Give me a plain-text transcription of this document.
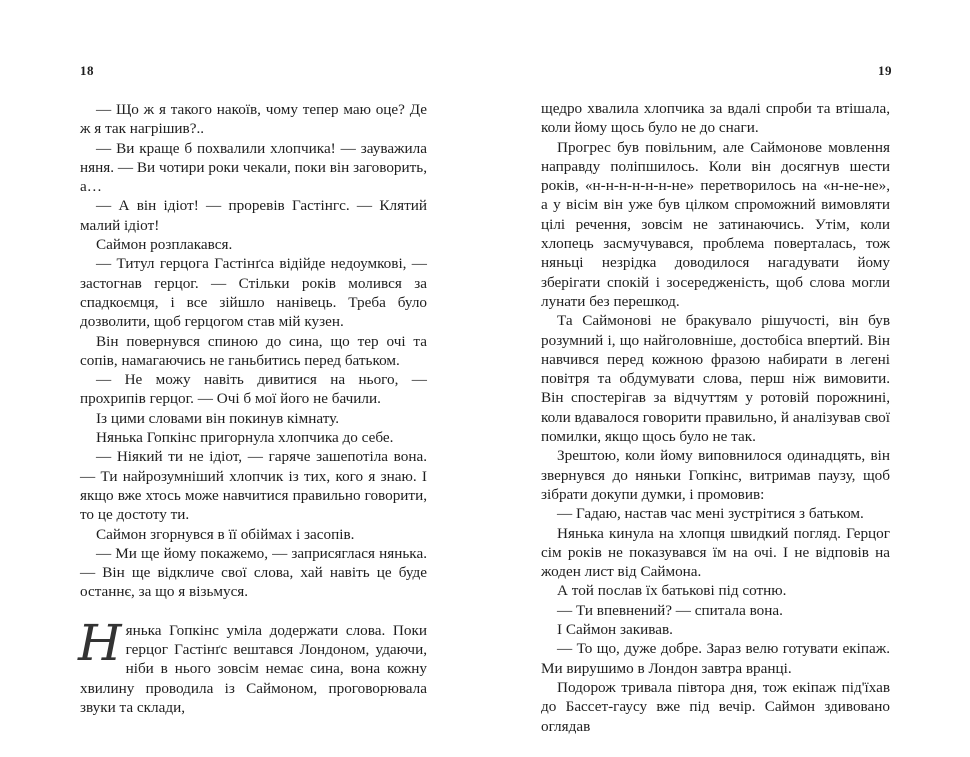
18	19

— Що ж я такого накоїв, чому тепер маю оце? Де ж я так нагрішив?..

— Ви краще б похвалили хлопчика! — зауважила няня. — Ви чотири роки чекали, поки він заговорить, а…

— А він ідіот! — проревів Гастінгс. — Клятий малий ідіот!

Саймон розплакався.

— Титул герцога Гастінґса відійде недоумкові, — застогнав герцог. — Стільки років молився за спадкоємця, і все зійшло нанівець. Треба було дозволити, щоб герцогом став мій кузен.

Він повернувся спиною до сина, що тер очі та сопів, намагаючись не ганьбитись перед батьком.

— Не можу навіть дивитися на нього, — прохрипів герцог. — Очі б мої його не бачили.

Із цими словами він покинув кімнату.

Нянька Гопкінс пригорнула хлопчика до себе.

— Ніякий ти не ідіот, — гаряче зашепотіла вона. — Ти найрозумніший хлопчик із тих, кого я знаю. І якщо вже хтось може навчитися правильно говорити, то це достоту ти.

Саймон згорнувся в її обіймах і засопів.

— Ми ще йому покажемо, — заприсяглася нянька. — Він ще відкличе свої слова, хай навіть це буде останнє, за що я візьмуся.

Нянька Гопкінс уміла додержати слова. Поки герцог Гастінґс вештався Лондоном, удаючи, ніби в нього зовсім немає сина, вона кожну хвилину проводила із Саймоном, проговорювала звуки та склади,

щедро хвалила хлопчика за вдалі спроби та втішала, коли йому щось було не до снаги.

Прогрес був повільним, але Саймонове мовлення направду поліпшилось. Коли він досягнув шести років, «н-н-н-н-н-н-не» перетворилось на «н-не-не», а у вісім він уже був цілком спроможний вимовляти цілі речення, зовсім не затинаючись. Утім, коли хлопець засмучувався, проблема поверталась, тож няньці незрідка доводилося нагадувати йому зберігати спокій і зосередженість, щоб слова могли лунати без перешкод.

Та Саймонові не бракувало рішучості, він був розумний і, що найголовніше, достобіса впертий. Він навчився перед кожною фразою набирати в легені повітря та обдумувати слова, перш ніж вимовити. Він спостерігав за відчуттям у ротовій порожнині, коли вдавалося говорити правильно, й аналізував свої помилки, якщо щось було не так.

Зрештою, коли йому виповнилося одинадцять, він звернувся до няньки Гопкінс, витримав паузу, щоб зібрати докупи думки, і промовив:

— Гадаю, настав час мені зустрітися з батьком.

Нянька кинула на хлопця швидкий погляд. Герцог сім років не показувався їм на очі. І не відповів на жоден лист від Саймона.

А той послав їх батькові під сотню.

— Ти впевнений? — спитала вона.

І Саймон закивав.

— То що, дуже добре. Зараз велю готувати екіпаж. Ми вирушимо в Лондон завтра вранці.

Подорож тривала півтора дня, тож екіпаж під'їхав до Бассет-гаусу вже під вечір. Саймон здивовано оглядав
